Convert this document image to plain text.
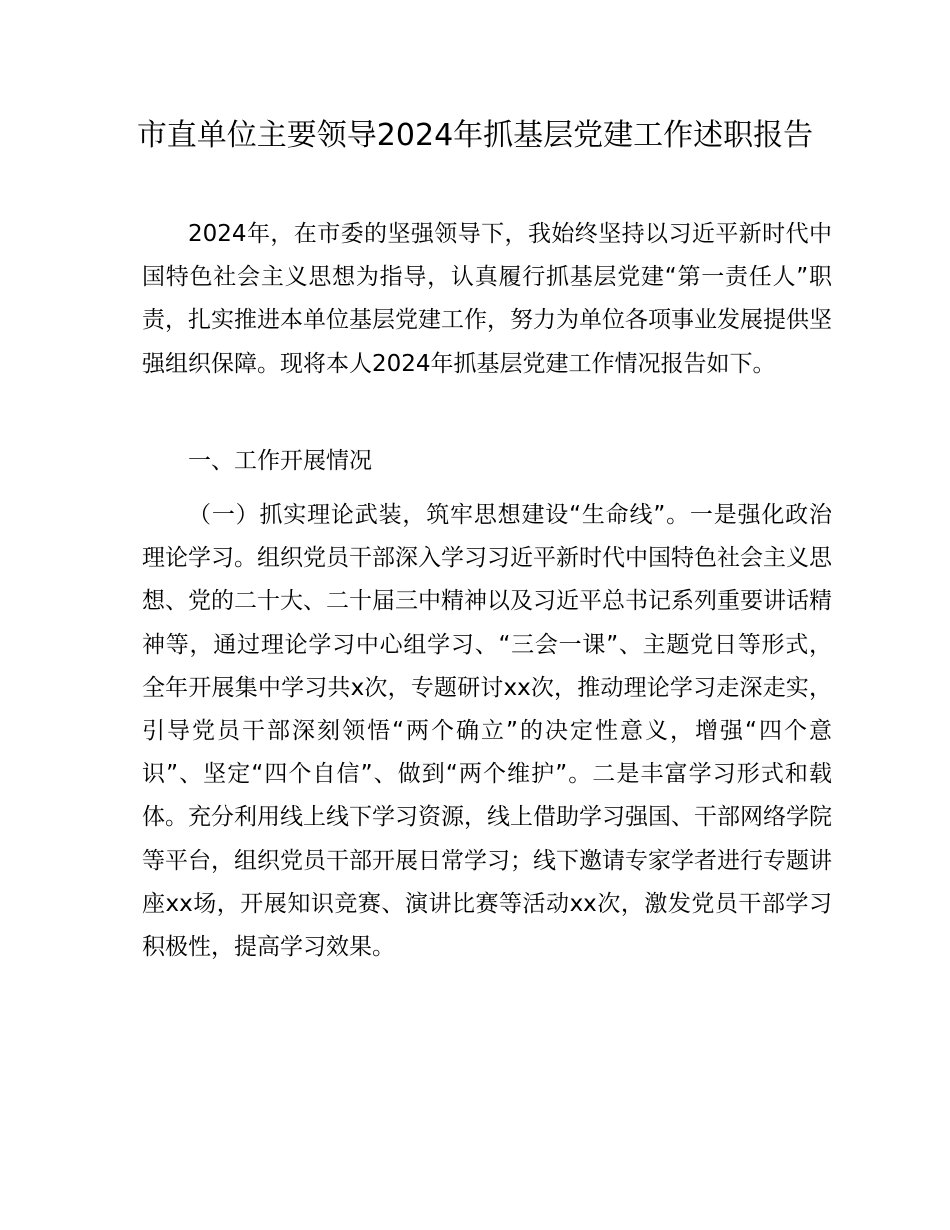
市直单位主要领导2024年抓基层党建工作述职报告

2024年，在市委的坚强领导下，我始终坚持以习近平新时代中国特色社会主义思想为指导，认真履行抓基层党建“第一责任人”职责，扎实推进本单位基层党建工作，努力为单位各项事业发展提供坚强组织保障。现将本人2024年抓基层党建工作情况报告如下。

一、工作开展情况

（一）抓实理论武装，筑牢思想建设“生命线”。一是强化政治理论学习。组织党员干部深入学习习近平新时代中国特色社会主义思想、党的二十大、二十届三中精神以及习近平总书记系列重要讲话精神等，通过理论学习中心组学习、“三会一课”、主题党日等形式，全年开展集中学习共x次，专题研讨xx次，推动理论学习走深走实，引导党员干部深刻领悟“两个确立”的决定性意义，增强“四个意识”、坚定“四个自信”、做到“两个维护”。二是丰富学习形式和载体。充分利用线上线下学习资源，线上借助学习强国、干部网络学院等平台，组织党员干部开展日常学习；线下邀请专家学者进行专题讲座xx场，开展知识竞赛、演讲比赛等活动xx次，激发党员干部学习积极性，提高学习效果。
